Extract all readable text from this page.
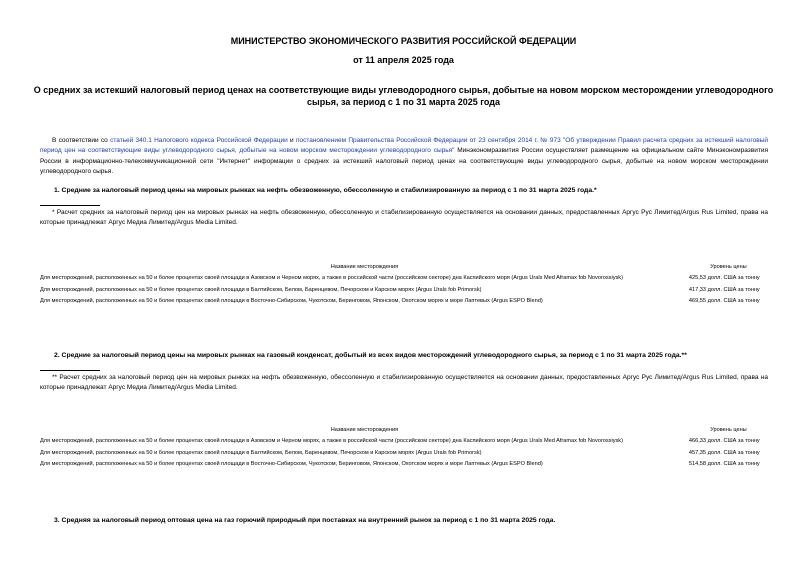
МИНИСТЕРСТВО ЭКОНОМИЧЕСКОГО РАЗВИТИЯ РОССИЙСКОЙ ФЕДЕРАЦИИ
от 11 апреля 2025 года
О средних за истекший налоговый период ценах на соответствующие виды углеводородного сырья, добытые на новом морском месторождении углеводородного сырья, за период с 1 по 31 марта 2025 года
В соответствии со статьей 340.1 Налогового кодекса Российской Федерации и постановлением Правительства Российской Федерации от 23 сентября 2014 г. № 973 "Об утверждении Правил расчета средних за истекший налоговый период цен на соответствующие виды углеводородного сырья, добытые на новом морском месторождении углеводородного сырья" Минэкономразвития России осуществляет размещение на официальном сайте Минэкономразвития России в информационно-телекоммуникационной сети "Интернет" информации о средних за истекший налоговый период ценах на соответствующие виды углеводородного сырья, добытые на новом морском месторождении углеводородного сырья.
1. Средние за налоговый период цены на мировых рынках на нефть обезвоженную, обессоленную и стабилизированную за период с 1 по 31 марта 2025 года.*
* Расчет средних за налоговый период цен на мировых рынках на нефть обезвоженную, обессоленную и стабилизированную осуществляется на основании данных, предоставленных Аргус Рус Лимитед/Argus Rus Limited, права на которые принадлежат Аргус Медиа Лимитед/Argus Media Limited.
Название месторождения	Уровень цены
Для месторождений, расположенных на 50 и более процентах своей площади в Азовском и Черном морях, а также в российской части (российском секторе) дна Каспийского моря (Argus Urals Med Aframax fob Novorossiysk)	425,53 долл. США за тонну
Для месторождений, расположенных на 50 и более процентах своей площади в Балтийском, Белом, Баренцевом, Печорском и Карском морях (Argus Urals fob Primorsk)	417,33 долл. США за тонну
Для месторождений, расположенных на 50 и более процентах своей площади в Восточно-Сибирском, Чукотском, Беринговом, Японском, Охотском морях и море Лаптевых (Argus ESPO Blend)	469,55 долл. США за тонну
2. Средние за налоговый период цены на мировых рынках на газовый конденсат, добытый из всех видов месторождений углеводородного сырья, за период с 1 по 31 марта 2025 года.**
** Расчет средних за налоговый период цен на мировых рынках на нефть обезвоженную, обессоленную и стабилизированную осуществляется на основании данных, предоставленных Аргус Рус Лимитед/Argus Rus Limited, права на которые принадлежат Аргус Медиа Лимитед/Argus Media Limited.
Название месторождения	Уровень цены
Для месторождений, расположенных на 50 и более процентах своей площади в Азовском и Черном морях, а также в российской части (российском секторе) дна Каспийского моря (Argus Urals Med Aframax fob Novorossiysk)	466,33 долл. США за тонну
Для месторождений, расположенных на 50 и более процентах своей площади в Балтийском, Белом, Баренцевом, Печорском и Карском морях (Argus Urals fob Primorsk)	457,35 долл. США за тонну
Для месторождений, расположенных на 50 и более процентах своей площади в Восточно-Сибирском, Чукотском, Беринговом, Японском, Охотском морях и море Лаптевых (Argus ESPO Blend)	514,58 долл. США за тонну
3. Средняя за налоговый период оптовая цена на газ горючий природный при поставках на внутренний рынок за период с 1 по 31 марта 2025 года.
